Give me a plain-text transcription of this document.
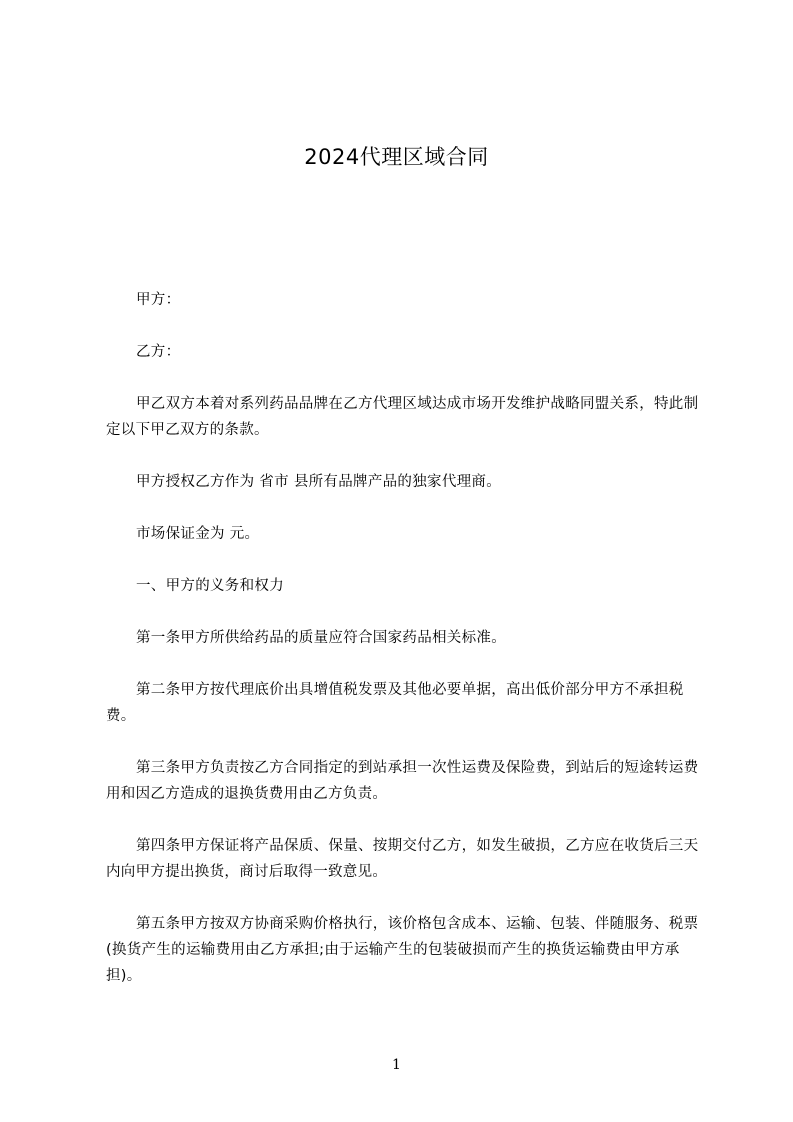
2024代理区域合同

甲方：

乙方：

甲乙双方本着对系列药品品牌在乙方代理区域达成市场开发维护战略同盟关系，特此制定以下甲乙双方的条款。

甲方授权乙方作为 省市 县所有品牌产品的独家代理商。

市场保证金为 元。

一、甲方的义务和权力

第一条甲方所供给药品的质量应符合国家药品相关标准。

第二条甲方按代理底价出具增值税发票及其他必要单据，高出低价部分甲方不承担税费。

第三条甲方负责按乙方合同指定的到站承担一次性运费及保险费，到站后的短途转运费用和因乙方造成的退换货费用由乙方负责。

第四条甲方保证将产品保质、保量、按期交付乙方，如发生破损，乙方应在收货后三天内向甲方提出换货，商讨后取得一致意见。

第五条甲方按双方协商采购价格执行，该价格包含成本、运输、包装、伴随服务、税票(换货产生的运输费用由乙方承担;由于运输产生的包装破损而产生的换货运输费由甲方承担)。

1
